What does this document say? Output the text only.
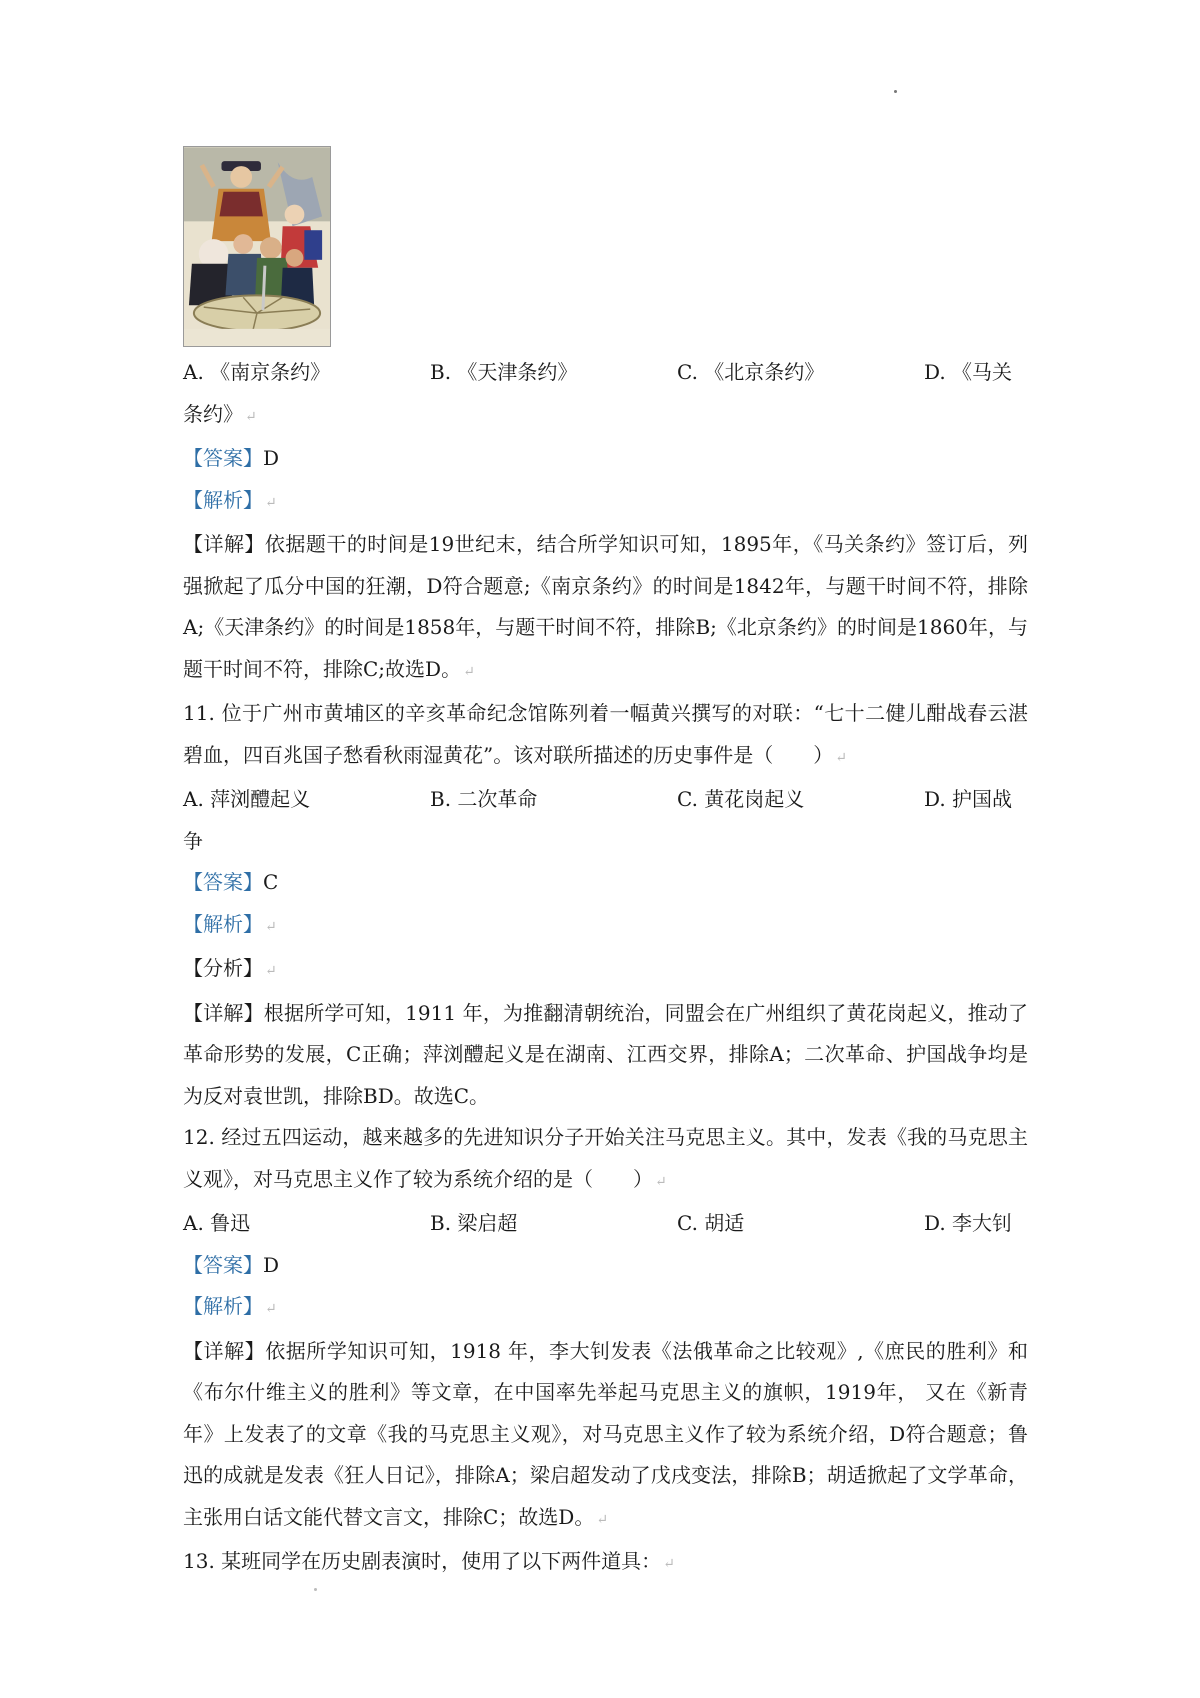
A. 《南京条约》	B. 《天津条约》	C. 《北京条约》	D. 《马关

条约》 ↵

【答案】D

【解析】 ↵

【详解】依据题干的时间是19世纪末，结合所学知识可知，1895年，《马关条约》签订后，列强掀起了瓜分中国的狂潮，D符合题意;《南京条约》的时间是1842年，与题干时间不符，排除A;《天津条约》的时间是1858年，与题干时间不符，排除B;《北京条约》的时间是1860年，与题干时间不符，排除C;故选D。 ↵

11. 位于广州市黄埔区的辛亥革命纪念馆陈列着一幅黄兴撰写的对联：“七十二健儿酣战春云湛碧血，四百兆国子愁看秋雨湿黄花”。该对联所描述的历史事件是（　　） ↵

A. 萍浏醴起义	B. 二次革命	C. 黄花岗起义	D. 护国战

争

【答案】C

【解析】 ↵

【分析】 ↵

【详解】根据所学可知，1911 年，为推翻清朝统治，同盟会在广州组织了黄花岗起义，推动了革命形势的发展，C正确；萍浏醴起义是在湖南、江西交界，排除A；二次革命、护国战争均是为反对袁世凯，排除BD。故选C。

12. 经过五四运动，越来越多的先进知识分子开始关注马克思主义。其中，发表《我的马克思主义观》，对马克思主义作了较为系统介绍的是（　　） ↵

A. 鲁迅	B. 梁启超	C. 胡适	D. 李大钊

【答案】D

【解析】 ↵

【详解】依据所学知识可知，1918 年，李大钊发表《法俄革命之比较观》,《庶民的胜利》和《布尔什维主义的胜利》等文章，在中国率先举起马克思主义的旗帜，1919年， 又在《新青年》上发表了的文章《我的马克思主义观》，对马克思主义作了较为系统介绍，D符合题意；鲁迅的成就是发表《狂人日记》，排除A；梁启超发动了戊戌变法，排除B；胡适掀起了文学革命，主张用白话文能代替文言文，排除C；故选D。 ↵

13. 某班同学在历史剧表演时，使用了以下两件道具： ↵
